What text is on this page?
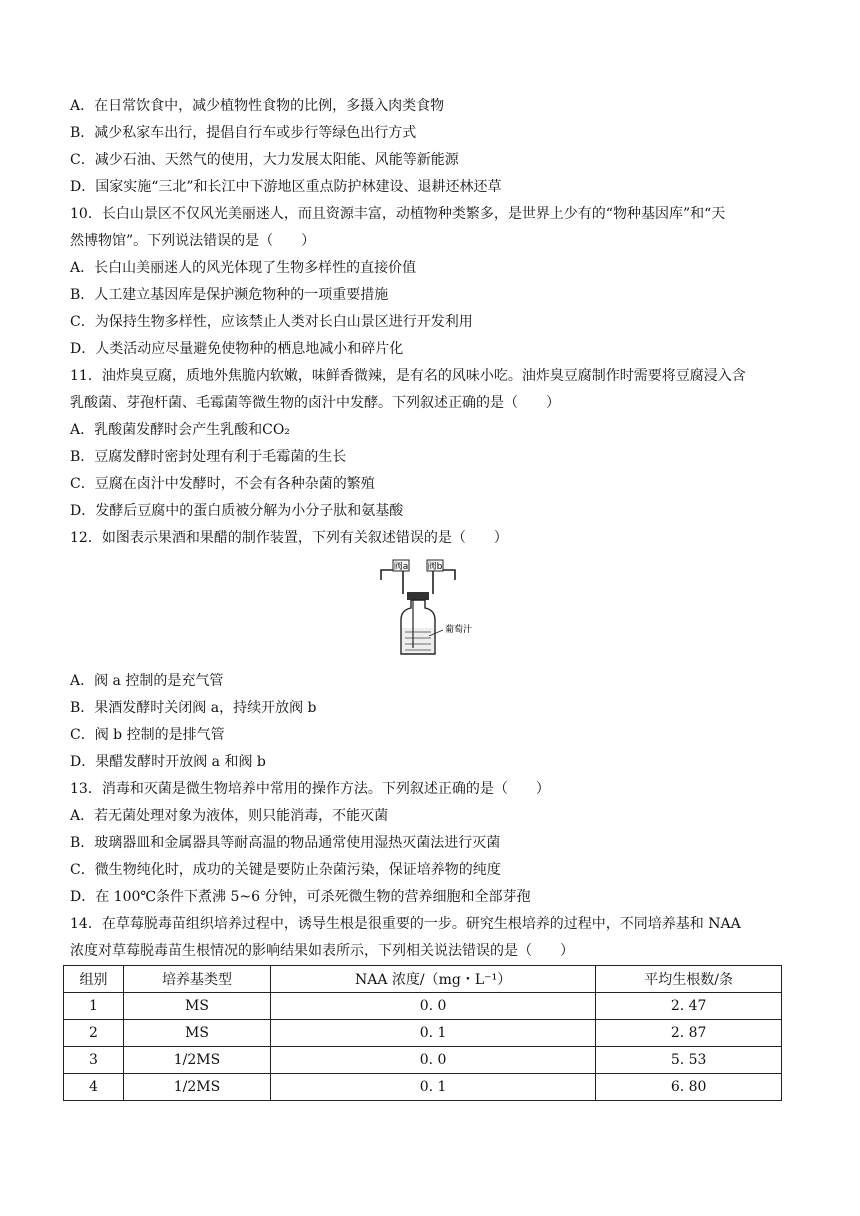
A．在日常饮食中，减少植物性食物的比例，多摄入肉类食物
B．减少私家车出行，提倡自行车或步行等绿色出行方式
C．减少石油、天然气的使用，大力发展太阳能、风能等新能源
D．国家实施“三北”和长江中下游地区重点防护林建设、退耕还林还草
10．长白山景区不仅风光美丽迷人，而且资源丰富，动植物种类繁多，是世界上少有的“物种基因库”和“天
然博物馆”。下列说法错误的是（　　）
A．长白山美丽迷人的风光体现了生物多样性的直接价值
B．人工建立基因库是保护濒危物种的一项重要措施
C．为保持生物多样性，应该禁止人类对长白山景区进行开发利用
D．人类活动应尽量避免使物种的栖息地减小和碎片化
11．油炸臭豆腐，质地外焦脆内软嫩，味鲜香微辣，是有名的风味小吃。油炸臭豆腐制作时需要将豆腐浸入含
乳酸菌、芽孢杆菌、毛霉菌等微生物的卤汁中发酵。下列叙述正确的是（　　）
A．乳酸菌发酵时会产生乳酸和CO₂
B．豆腐发酵时密封处理有利于毛霉菌的生长
C．豆腐在卤汁中发酵时，不会有各种杂菌的繁殖
D．发酵后豆腐中的蛋白质被分解为小分子肽和氨基酸
12．如图表示果酒和果醋的制作装置，下列有关叙述错误的是（　　）
阀a 阀b
葡萄汁
A．阀 a 控制的是充气管
B．果酒发酵时关闭阀 a，持续开放阀 b
C．阀 b 控制的是排气管
D．果醋发酵时开放阀 a 和阀 b
13．消毒和灭菌是微生物培养中常用的操作方法。下列叙述正确的是（　　）
A．若无菌处理对象为液体，则只能消毒，不能灭菌
B．玻璃器皿和金属器具等耐高温的物品通常使用湿热灭菌法进行灭菌
C．微生物纯化时，成功的关键是要防止杂菌污染，保证培养物的纯度
D．在 100℃条件下煮沸 5~6 分钟，可杀死微生物的营养细胞和全部芽孢
14．在草莓脱毒苗组织培养过程中，诱导生根是很重要的一步。研究生根培养的过程中，不同培养基和 NAA
浓度对草莓脱毒苗生根情况的影响结果如表所示，下列相关说法错误的是（　　）
组别	培养基类型	NAA 浓度/（mg・L⁻¹）	平均生根数/条
1	MS	0. 0	2. 47
2	MS	0. 1	2. 87
3	1/2MS	0. 0	5. 53
4	1/2MS	0. 1	6. 80
